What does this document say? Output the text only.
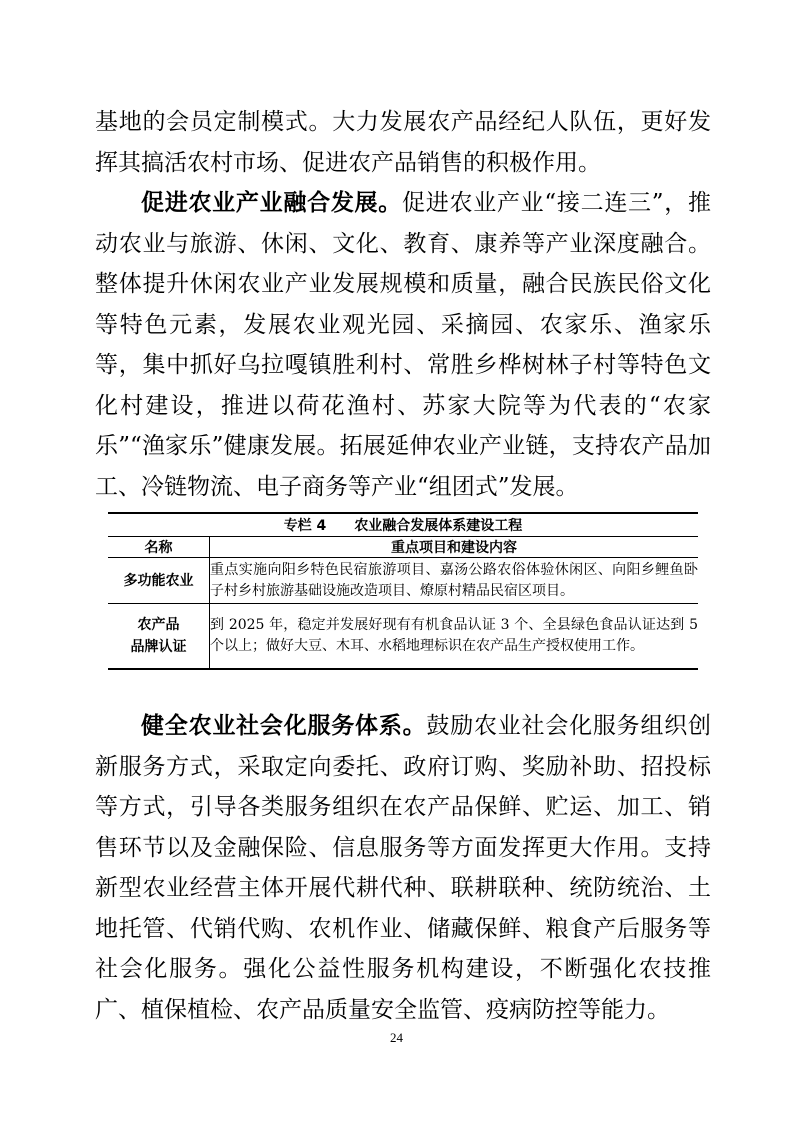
基地的会员定制模式。大力发展农产品经纪人队伍，更好发挥其搞活农村市场、促进农产品销售的积极作用。

促进农业产业融合发展。促进农业产业“接二连三”，推动农业与旅游、休闲、文化、教育、康养等产业深度融合。整体提升休闲农业产业发展规模和质量，融合民族民俗文化等特色元素，发展农业观光园、采摘园、农家乐、渔家乐等，集中抓好乌拉嘎镇胜利村、常胜乡桦树林子村等特色文化村建设，推进以荷花渔村、苏家大院等为代表的“农家乐”“渔家乐”健康发展。拓展延伸农业产业链，支持农产品加工、冷链物流、电子商务等产业“组团式”发展。

专栏 4 农业融合发展体系建设工程	
名称	重点项目和建设内容
多功能农业	重点实施向阳乡特色民宿旅游项目、嘉汤公路农俗体验休闲区、向阳乡鲤鱼卧子村乡村旅游基础设施改造项目、燎原村精品民宿区项目。
农产品
品牌认证	到 2025 年，稳定并发展好现有有机食品认证 3 个、全县绿色食品认证达到 5 个以上；做好大豆、木耳、水稻地理标识在农产品生产授权使用工作。

健全农业社会化服务体系。鼓励农业社会化服务组织创新服务方式，采取定向委托、政府订购、奖励补助、招投标等方式，引导各类服务组织在农产品保鲜、贮运、加工、销售环节以及金融保险、信息服务等方面发挥更大作用。支持新型农业经营主体开展代耕代种、联耕联种、统防统治、土地托管、代销代购、农机作业、储藏保鲜、粮食产后服务等社会化服务。强化公益性服务机构建设，不断强化农技推广、植保植检、农产品质量安全监管、疫病防控等能力。

24
